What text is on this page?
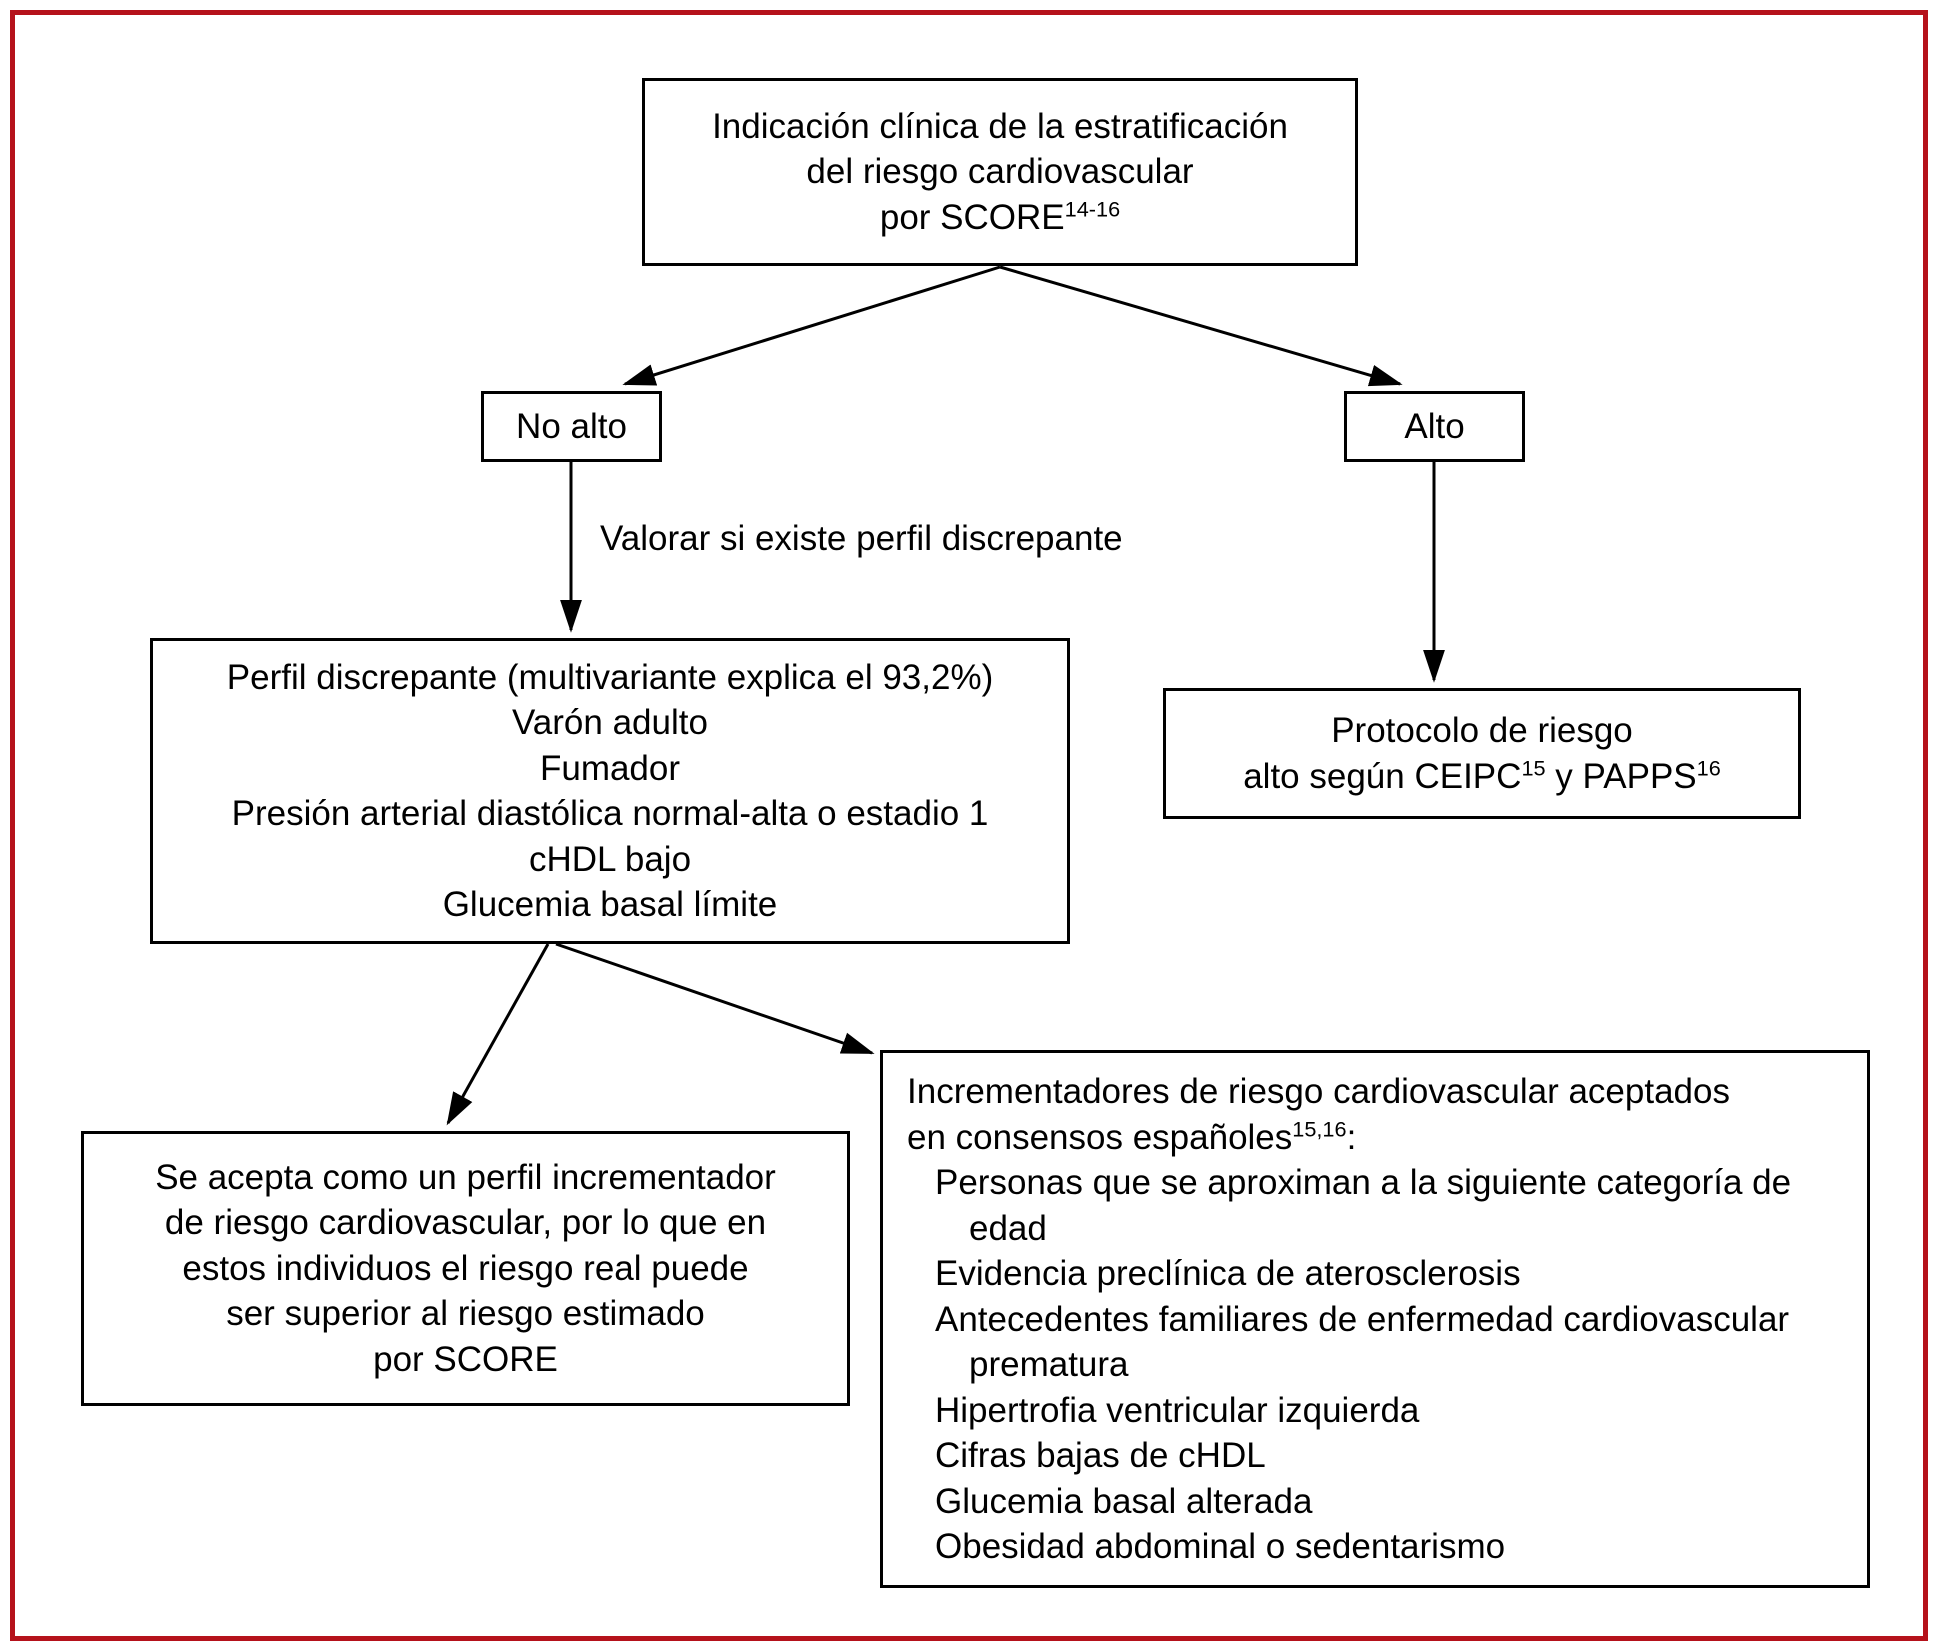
Indicación clínica de la estratificación
del riesgo cardiovascular
por SCORE$^{14-16}$
No alto	Alto
Valorar si existe perfil discrepante
Perfil discrepante (multivariante explica el 93,2%)
Varón adulto
Fumador
Presión arterial diastólica normal-alta o estadio 1
cHDL bajo
Glucemia basal límite
Protocolo de riesgo
alto según CEIPC$^{15}$ y PAPPS$^{16}$
Se acepta como un perfil incrementador
de riesgo cardiovascular, por lo que en
estos individuos el riesgo real puede
ser superior al riesgo estimado
por SCORE
Incrementadores de riesgo cardiovascular aceptados
en consensos españoles$^{15,16}$:
Personas que se aproximan a la siguiente categoría de edad
Evidencia preclínica de aterosclerosis
Antecedentes familiares de enfermedad cardiovascular prematura
Hipertrofia ventricular izquierda
Cifras bajas de cHDL
Glucemia basal alterada
Obesidad abdominal o sedentarismo
